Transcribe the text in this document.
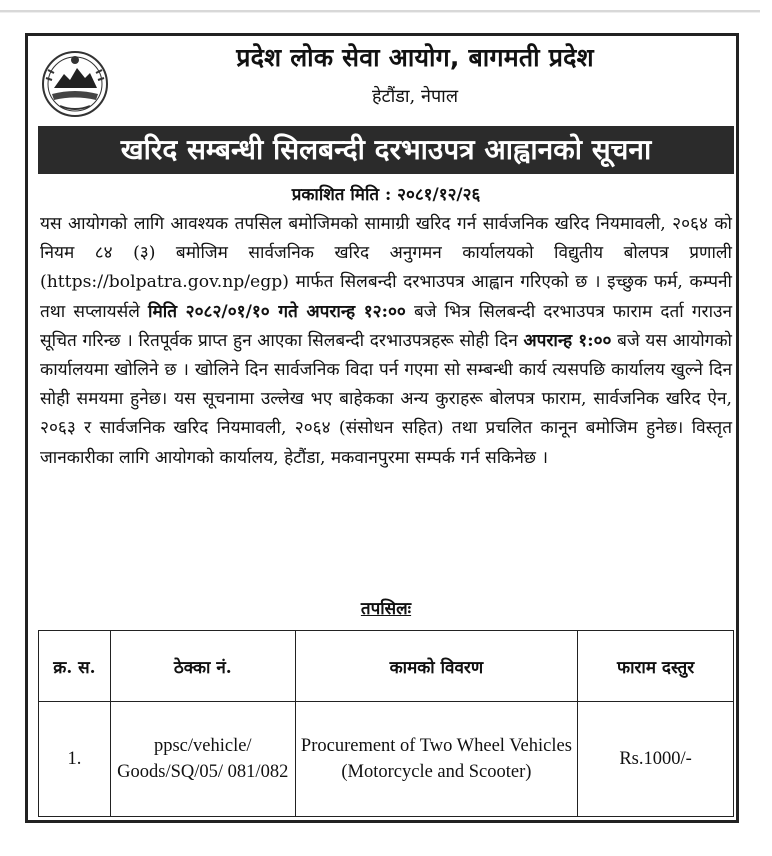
प्रदेश लोक सेवा आयोग, बागमती प्रदेश
हेटौंडा, नेपाल
खरिद सम्बन्धी सिलबन्दी दरभाउपत्र आह्वानको सूचना
प्रकाशित मिति : २०८१/१२/२६
यस आयोगको लागि आवश्यक तपसिल बमोजिमको सामाग्री खरिद गर्न सार्वजनिक खरिद नियमावली, २०६४ को नियम ८४ (३) बमोजिम सार्वजनिक खरिद अनुगमन कार्यालयको विद्युतीय बोलपत्र प्रणाली (https://bolpatra.gov.np/egp) मार्फत सिलबन्दी दरभाउपत्र आह्वान गरिएको छ । इच्छुक फर्म, कम्पनी तथा सप्लायर्सले मिति २०८२/०१/१० गते अपरान्ह १२:०० बजे भित्र सिलबन्दी दरभाउपत्र फाराम दर्ता गराउन सूचित गरिन्छ । रितपूर्वक प्राप्त हुन आएका सिलबन्दी दरभाउपत्रहरू सोही दिन अपरान्ह १:०० बजे यस आयोगको कार्यालयमा खोलिने छ । खोलिने दिन सार्वजनिक विदा पर्न गएमा सो सम्बन्धी कार्य त्यसपछि कार्यालय खुल्ने दिन सोही समयमा हुनेछ। यस सूचनामा उल्लेख भए बाहेकका अन्य कुराहरू बोलपत्र फाराम, सार्वजनिक खरिद ऐन, २०६३ र सार्वजनिक खरिद नियमावली, २०६४ (संसोधन सहित) तथा प्रचलित कानून बमोजिम हुनेछ। विस्तृत जानकारीका लागि आयोगको कार्यालय, हेटौंडा, मकवानपुरमा सम्पर्क गर्न सकिनेछ ।
तपसिलः
क्र. स.	ठेक्का नं.	कामको विवरण	फाराम दस्तुर
1.	ppsc/vehicle/ Goods/SQ/05/ 081/082	Procurement of Two Wheel Vehicles (Motorcycle and Scooter)	Rs.1000/-
